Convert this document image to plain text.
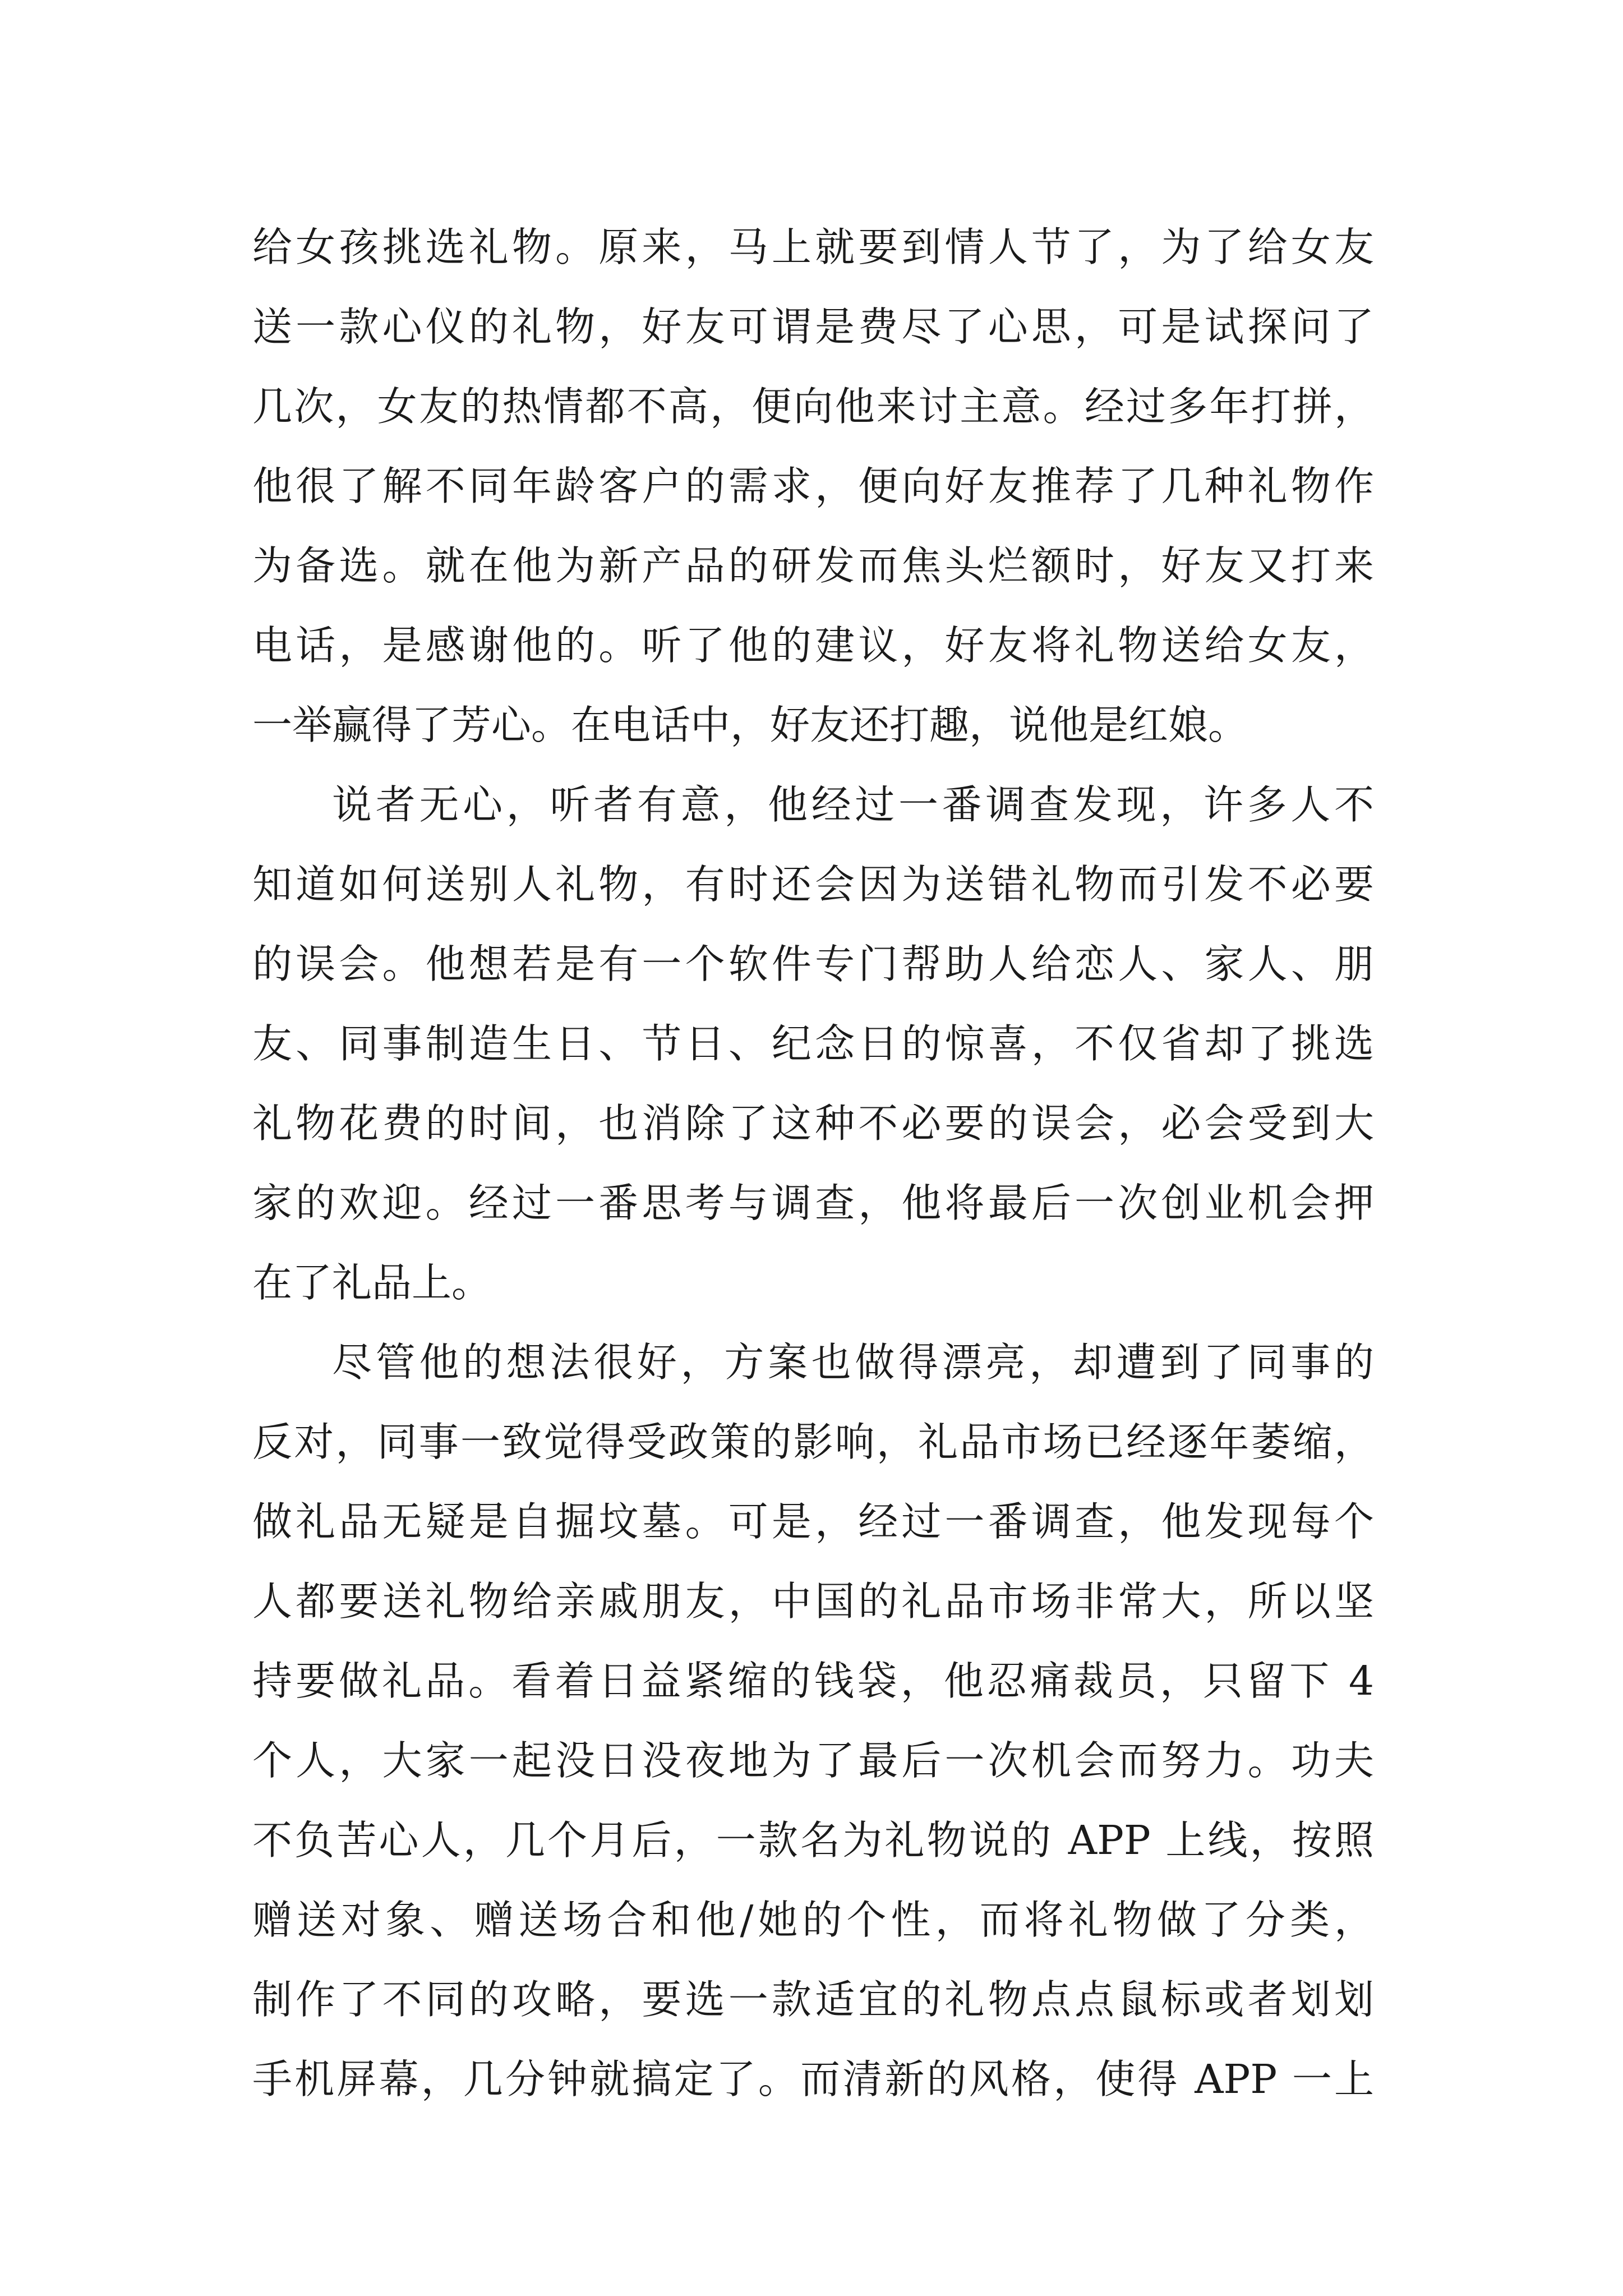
给女孩挑选礼物。原来，马上就要到情人节了，为了给女友
送一款心仪的礼物，好友可谓是费尽了心思，可是试探问了
几次，女友的热情都不高，便向他来讨主意。经过多年打拼，
他很了解不同年龄客户的需求，便向好友推荐了几种礼物作
为备选。就在他为新产品的研发而焦头烂额时，好友又打来
电话，是感谢他的。听了他的建议，好友将礼物送给女友，
一举赢得了芳心。在电话中，好友还打趣，说他是红娘。
说者无心，听者有意，他经过一番调查发现，许多人不
知道如何送别人礼物，有时还会因为送错礼物而引发不必要
的误会。他想若是有一个软件专门帮助人给恋人、家人、朋
友、同事制造生日、节日、纪念日的惊喜，不仅省却了挑选
礼物花费的时间，也消除了这种不必要的误会，必会受到大
家的欢迎。经过一番思考与调查，他将最后一次创业机会押
在了礼品上。
尽管他的想法很好，方案也做得漂亮，却遭到了同事的
反对，同事一致觉得受政策的影响，礼品市场已经逐年萎缩，
做礼品无疑是自掘坟墓。可是，经过一番调查，他发现每个
人都要送礼物给亲戚朋友，中国的礼品市场非常大，所以坚
持要做礼品。看着日益紧缩的钱袋，他忍痛裁员，只留下 4
个人，大家一起没日没夜地为了最后一次机会而努力。功夫
不负苦心人，几个月后，一款名为礼物说的 APP 上线，按照
赠送对象、赠送场合和他/她的个性，而将礼物做了分类，
制作了不同的攻略，要选一款适宜的礼物点点鼠标或者划划
手机屏幕，几分钟就搞定了。而清新的风格，使得 APP 一上
